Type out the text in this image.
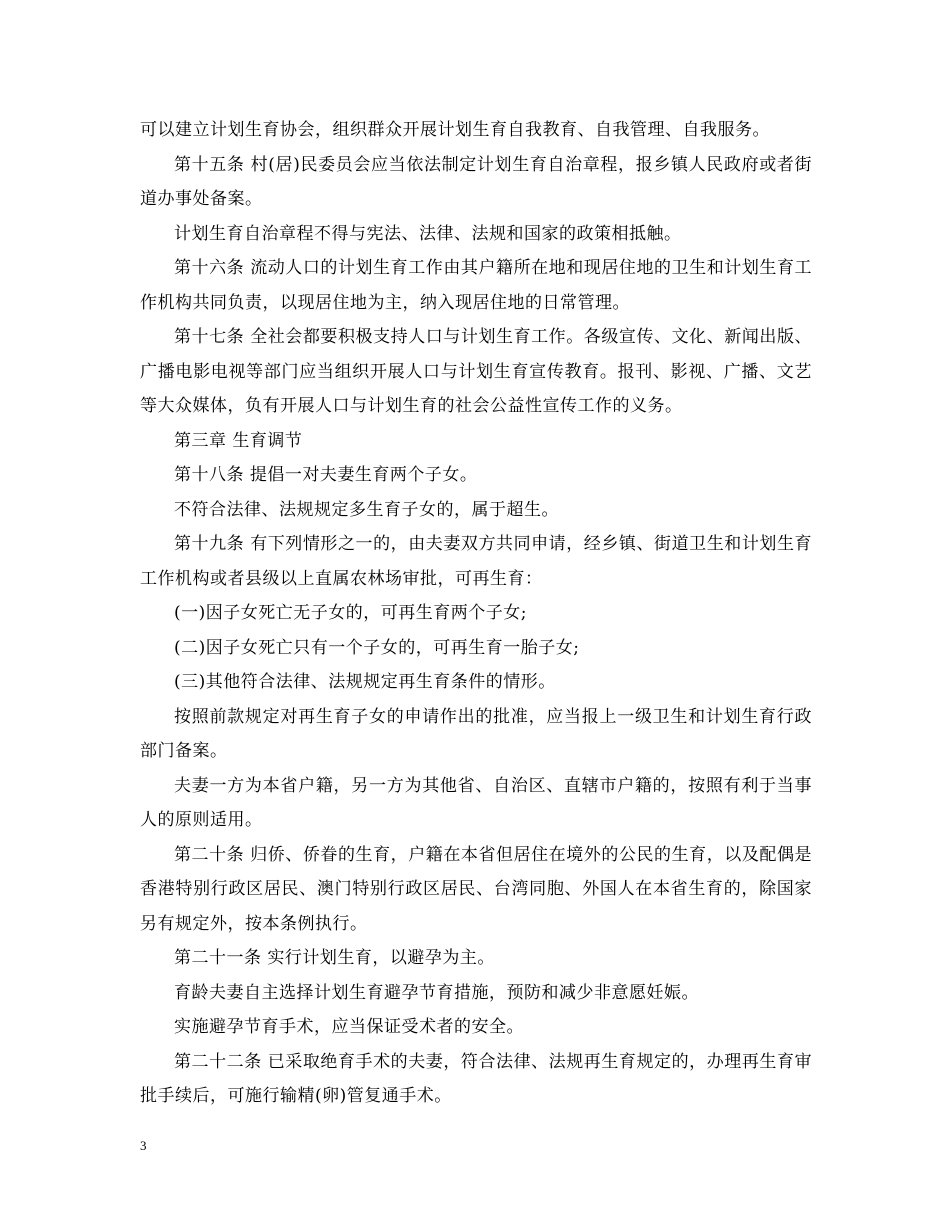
可以建立计划生育协会，组织群众开展计划生育自我教育、自我管理、自我服务。

第十五条 村(居)民委员会应当依法制定计划生育自治章程，报乡镇人民政府或者街道办事处备案。

计划生育自治章程不得与宪法、法律、法规和国家的政策相抵触。

第十六条 流动人口的计划生育工作由其户籍所在地和现居住地的卫生和计划生育工作机构共同负责，以现居住地为主，纳入现居住地的日常管理。

第十七条 全社会都要积极支持人口与计划生育工作。各级宣传、文化、新闻出版、广播电影电视等部门应当组织开展人口与计划生育宣传教育。报刊、影视、广播、文艺等大众媒体，负有开展人口与计划生育的社会公益性宣传工作的义务。

第三章 生育调节

第十八条 提倡一对夫妻生育两个子女。

不符合法律、法规规定多生育子女的，属于超生。

第十九条 有下列情形之一的，由夫妻双方共同申请，经乡镇、街道卫生和计划生育工作机构或者县级以上直属农林场审批，可再生育：

(一)因子女死亡无子女的，可再生育两个子女;

(二)因子女死亡只有一个子女的，可再生育一胎子女;

(三)其他符合法律、法规规定再生育条件的情形。

按照前款规定对再生育子女的申请作出的批准，应当报上一级卫生和计划生育行政部门备案。

夫妻一方为本省户籍，另一方为其他省、自治区、直辖市户籍的，按照有利于当事人的原则适用。

第二十条 归侨、侨眷的生育，户籍在本省但居住在境外的公民的生育，以及配偶是香港特别行政区居民、澳门特别行政区居民、台湾同胞、外国人在本省生育的，除国家另有规定外，按本条例执行。

第二十一条 实行计划生育，以避孕为主。

育龄夫妻自主选择计划生育避孕节育措施，预防和减少非意愿妊娠。

实施避孕节育手术，应当保证受术者的安全。

第二十二条 已采取绝育手术的夫妻，符合法律、法规再生育规定的，办理再生育审批手续后，可施行输精(卵)管复通手术。

3
